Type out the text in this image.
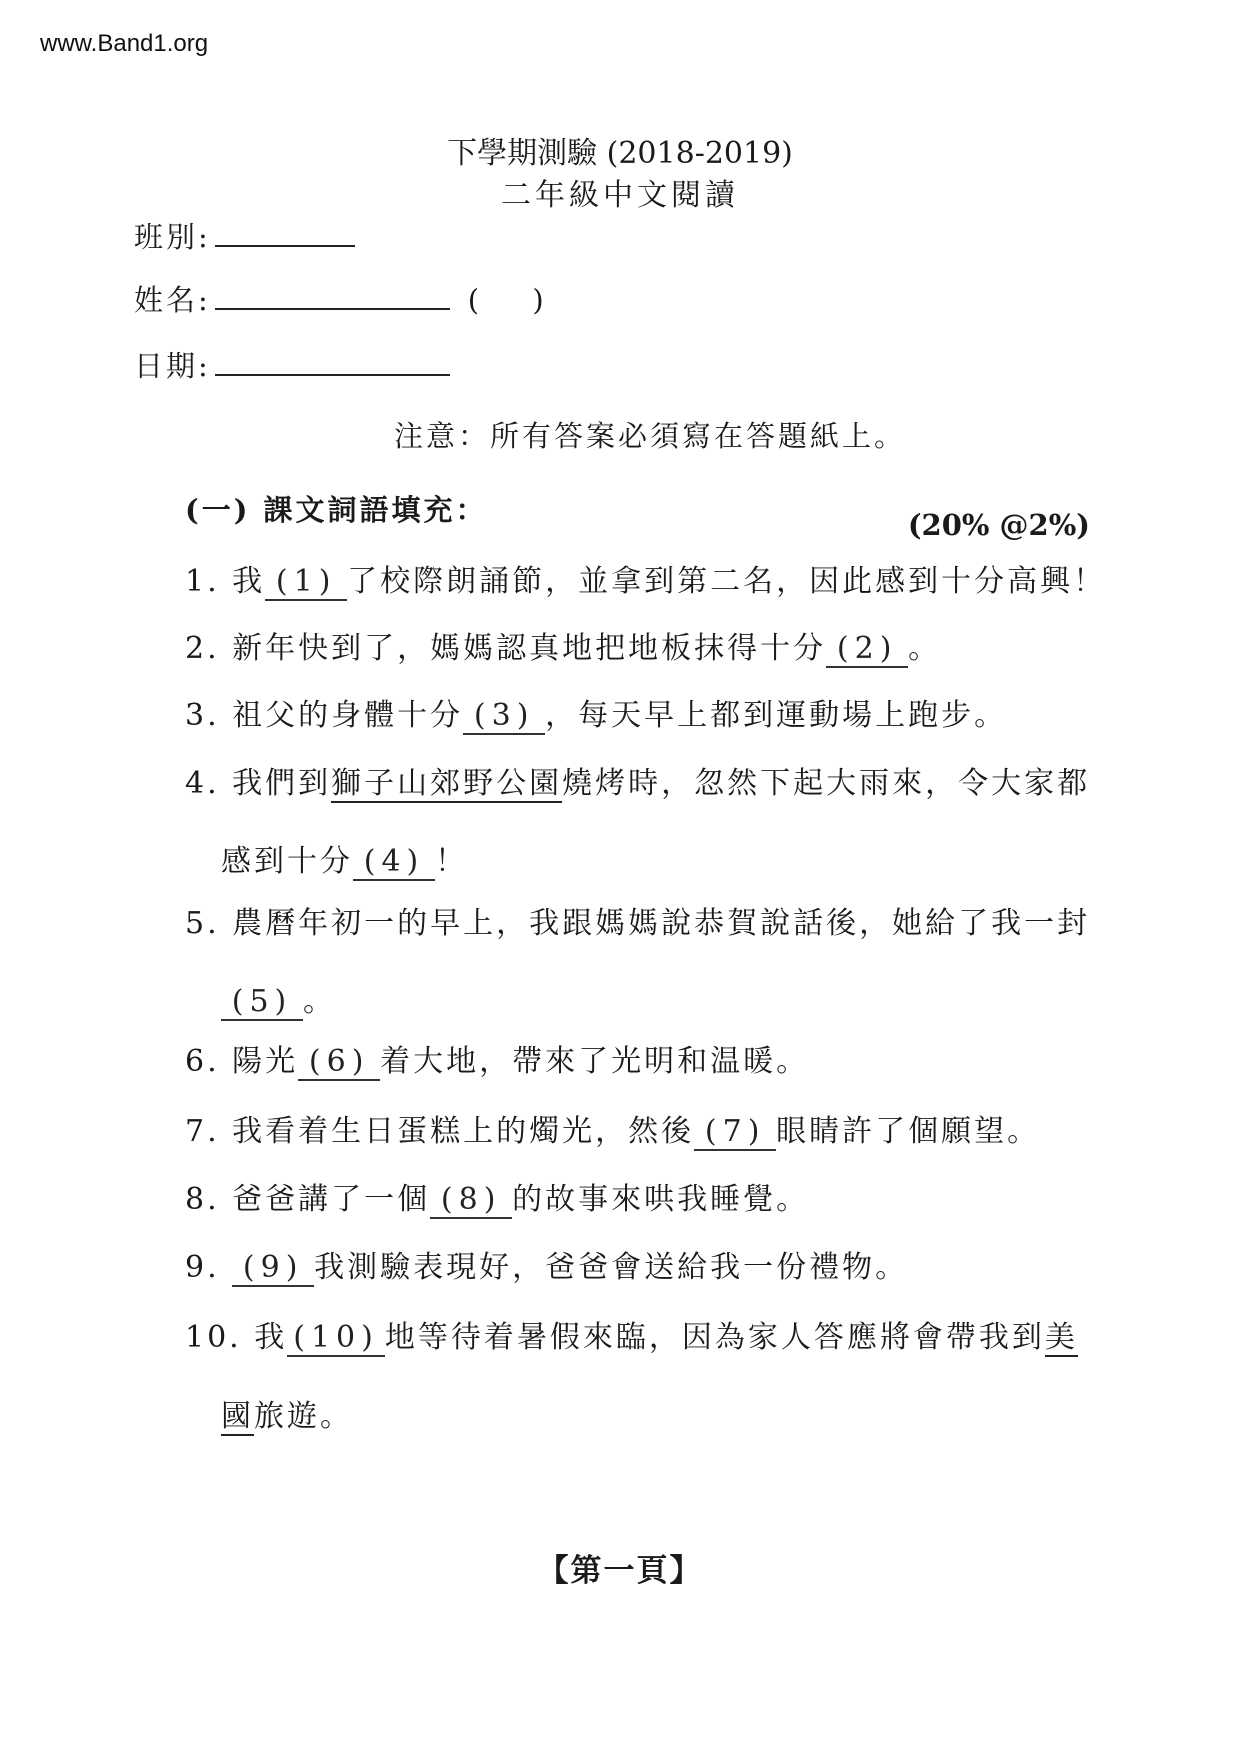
www.Band1.org
下學期測驗 (2018-2019)
二年級中文閱讀
班別:
姓名:	( )
日期:
注意：所有答案必須寫在答題紙上。
(一) 課文詞語填充：	(20% @2%)
1. 我 (1) 了校際朗誦節，並拿到第二名，因此感到十分高興！
2. 新年快到了，媽媽認真地把地板抹得十分 (2) 。
3. 祖父的身體十分 (3) ，每天早上都到運動場上跑步。
4. 我們到獅子山郊野公園燒烤時，忽然下起大雨來，令大家都
感到十分 (4) ！
5. 農曆年初一的早上，我跟媽媽說恭賀說話後，她給了我一封
(5) 。
6. 陽光 (6) 着大地，帶來了光明和温暖。
7. 我看着生日蛋糕上的燭光，然後 (7) 眼睛許了個願望。
8. 爸爸講了一個 (8) 的故事來哄我睡覺。
9. (9) 我測驗表現好，爸爸會送給我一份禮物。
10. 我 (10) 地等待着暑假來臨，因為家人答應將會帶我到美
國旅遊。
【第一頁】
